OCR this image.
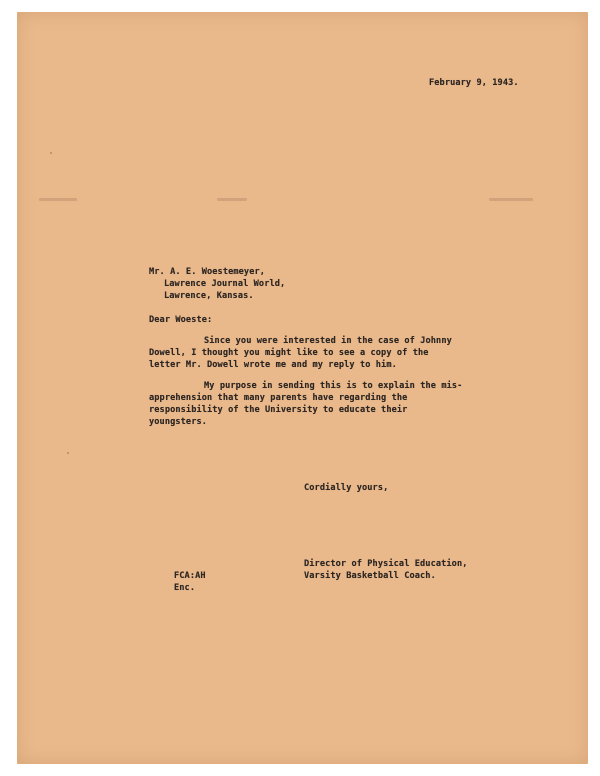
February 9, 1943.
Mr. A. E. Woestemeyer,
Lawrence Journal World,
Lawrence, Kansas.
Dear Woeste:
Since you were interested in the case of Johnny
Dowell, I thought you might like to see a copy of the
letter Mr. Dowell wrote me and my reply to him.
My purpose in sending this is to explain the mis-
apprehension that many parents have regarding the
responsibility of the University to educate their
youngsters.
Cordially yours,
Director of Physical Education,
Varsity Basketball Coach.
FCA:AH
Enc.
